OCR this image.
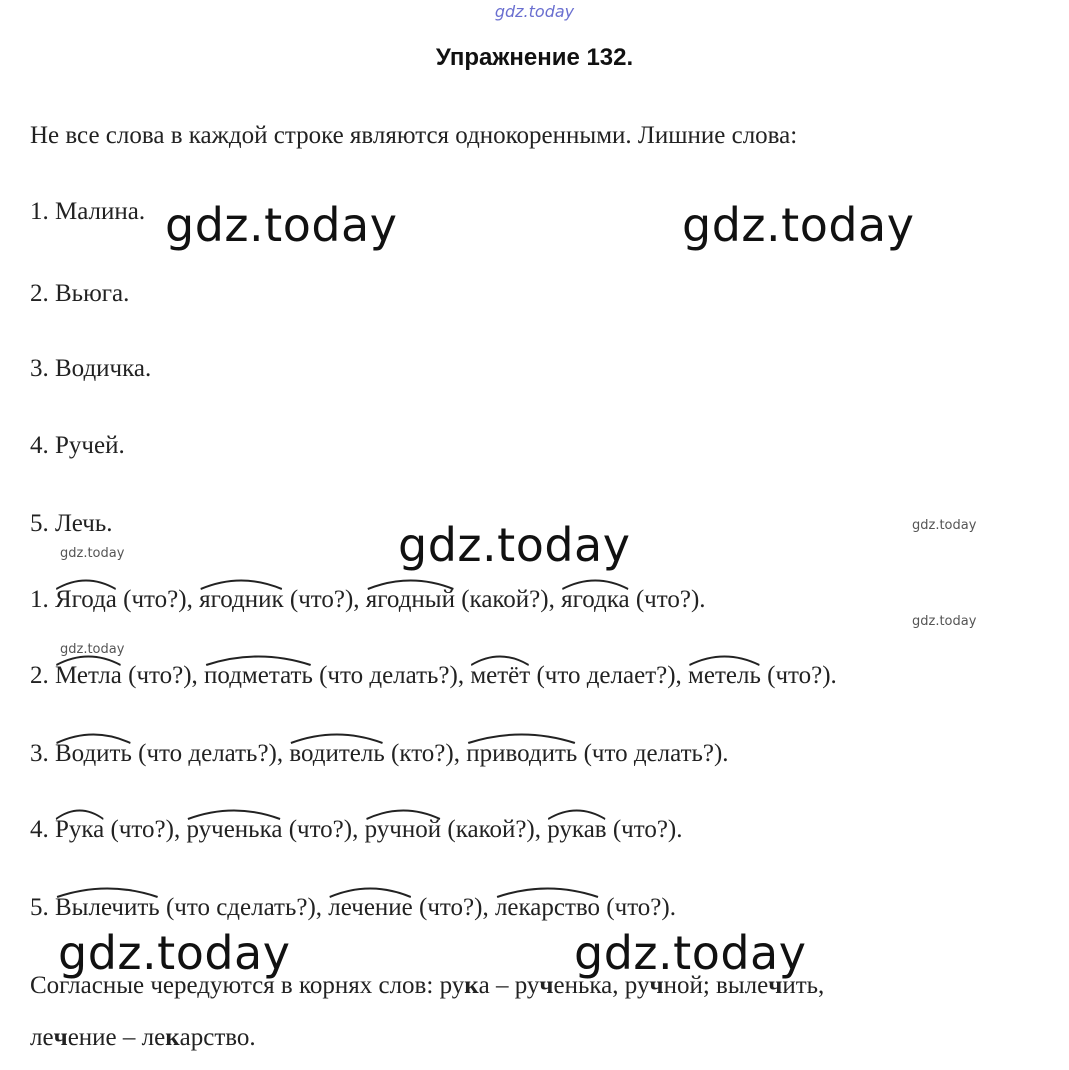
gdz.today
Упражнение 132.
Не все слова в каждой строке являются однокоренными. Лишние слова:
1. Малина.
2. Вьюга.
3. Водичка.
4. Ручей.
5. Лечь.
1. Ягода
(что?), ягодник
(что?), ягодный
(какой?), ягодка
(что?).
2. Метла
(что?), подметать
(что делать?), метёт
(что делает?), метель
(что?).
3. Водить
(что делать?), водитель
(кто?), приводить
(что делать?).
4. Рука
(что?), рученька
(что?), ручной
(какой?), рукав
(что?).
5. Вылечить
(что сделать?), лечение
(что?), лекарство
(что?).
Согласные чередуются в корнях слов: рука – рученька, ручной; вылечить,
лечение – лекарство.
gdz.today	gdz.today
gdz.today
gdz.today	gdz.today
gdz.today
gdz.today
gdz.today
gdz.today
